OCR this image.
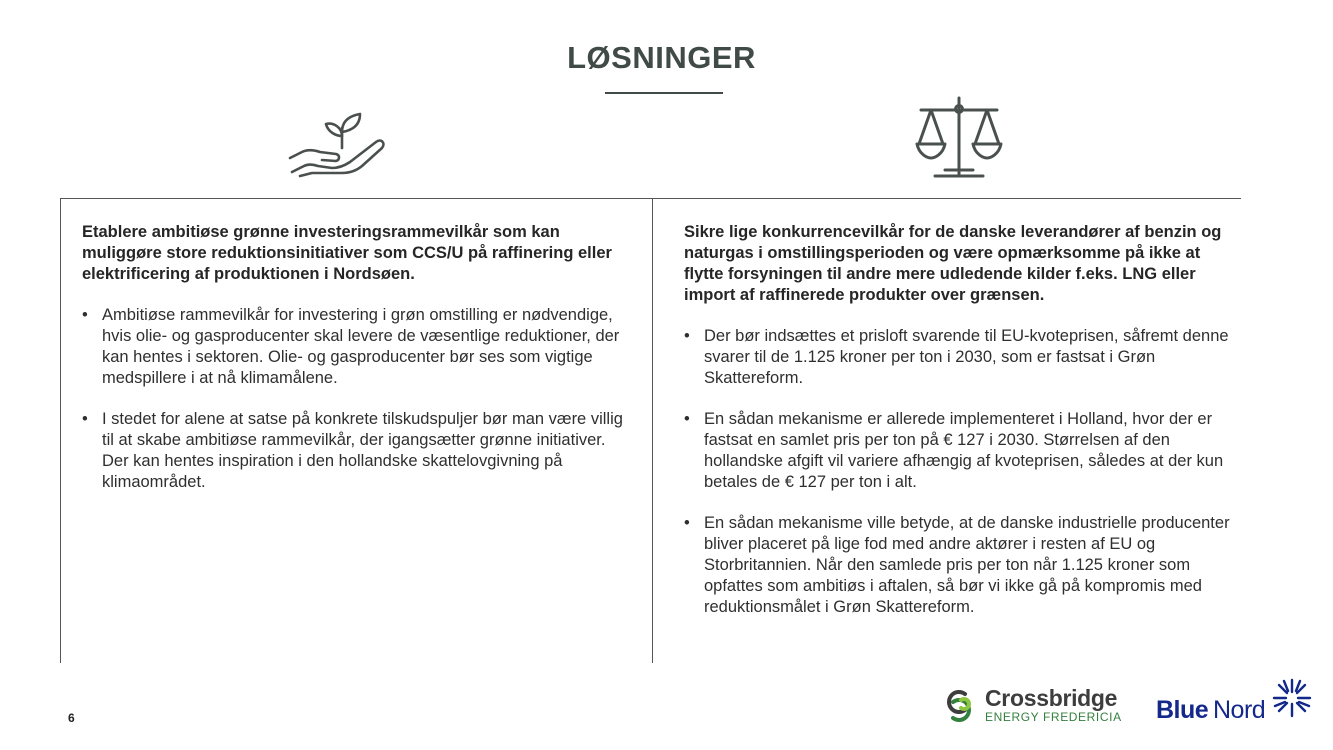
LØSNINGER

Etablere ambitiøse grønne investeringsrammevilkår som kan muliggøre store reduktionsinitiativer som CCS/U på raffinering eller elektrificering af produktionen i Nordsøen.

• Ambitiøse rammevilkår for investering i grøn omstilling er nødvendige, hvis olie- og gasproducenter skal levere de væsentlige reduktioner, der kan hentes i sektoren. Olie- og gasproducenter bør ses som vigtige medspillere i at nå klimamålene.
• I stedet for alene at satse på konkrete tilskudspuljer bør man være villig til at skabe ambitiøse rammevilkår, der igangsætter grønne initiativer. Der kan hentes inspiration i den hollandske skattelovgivning på klimaområdet.

Sikre lige konkurrencevilkår for de danske leverandører af benzin og naturgas i omstillingsperioden og være opmærksomme på ikke at flytte forsyningen til andre mere udledende kilder f.eks. LNG eller import af raffinerede produkter over grænsen.

• Der bør indsættes et prisloft svarende til EU-kvoteprisen, såfremt denne svarer til de 1.125 kroner per ton i 2030, som er fastsat i Grøn Skattereform.
• En sådan mekanisme er allerede implementeret i Holland, hvor der er fastsat en samlet pris per ton på € 127 i 2030. Størrelsen af den hollandske afgift vil variere afhængig af kvoteprisen, således at der kun betales de € 127 per ton i alt.
• En sådan mekanisme ville betyde, at de danske industrielle producenter bliver placeret på lige fod med andre aktører i resten af EU og Storbritannien. Når den samlede pris per ton når 1.125 kroner som opfattes som ambitiøs i aftalen, så bør vi ikke gå på kompromis med reduktionsmålet i Grøn Skattereform.
6
Crossbridge
ENERGY FREDERICIA Blue Nord
